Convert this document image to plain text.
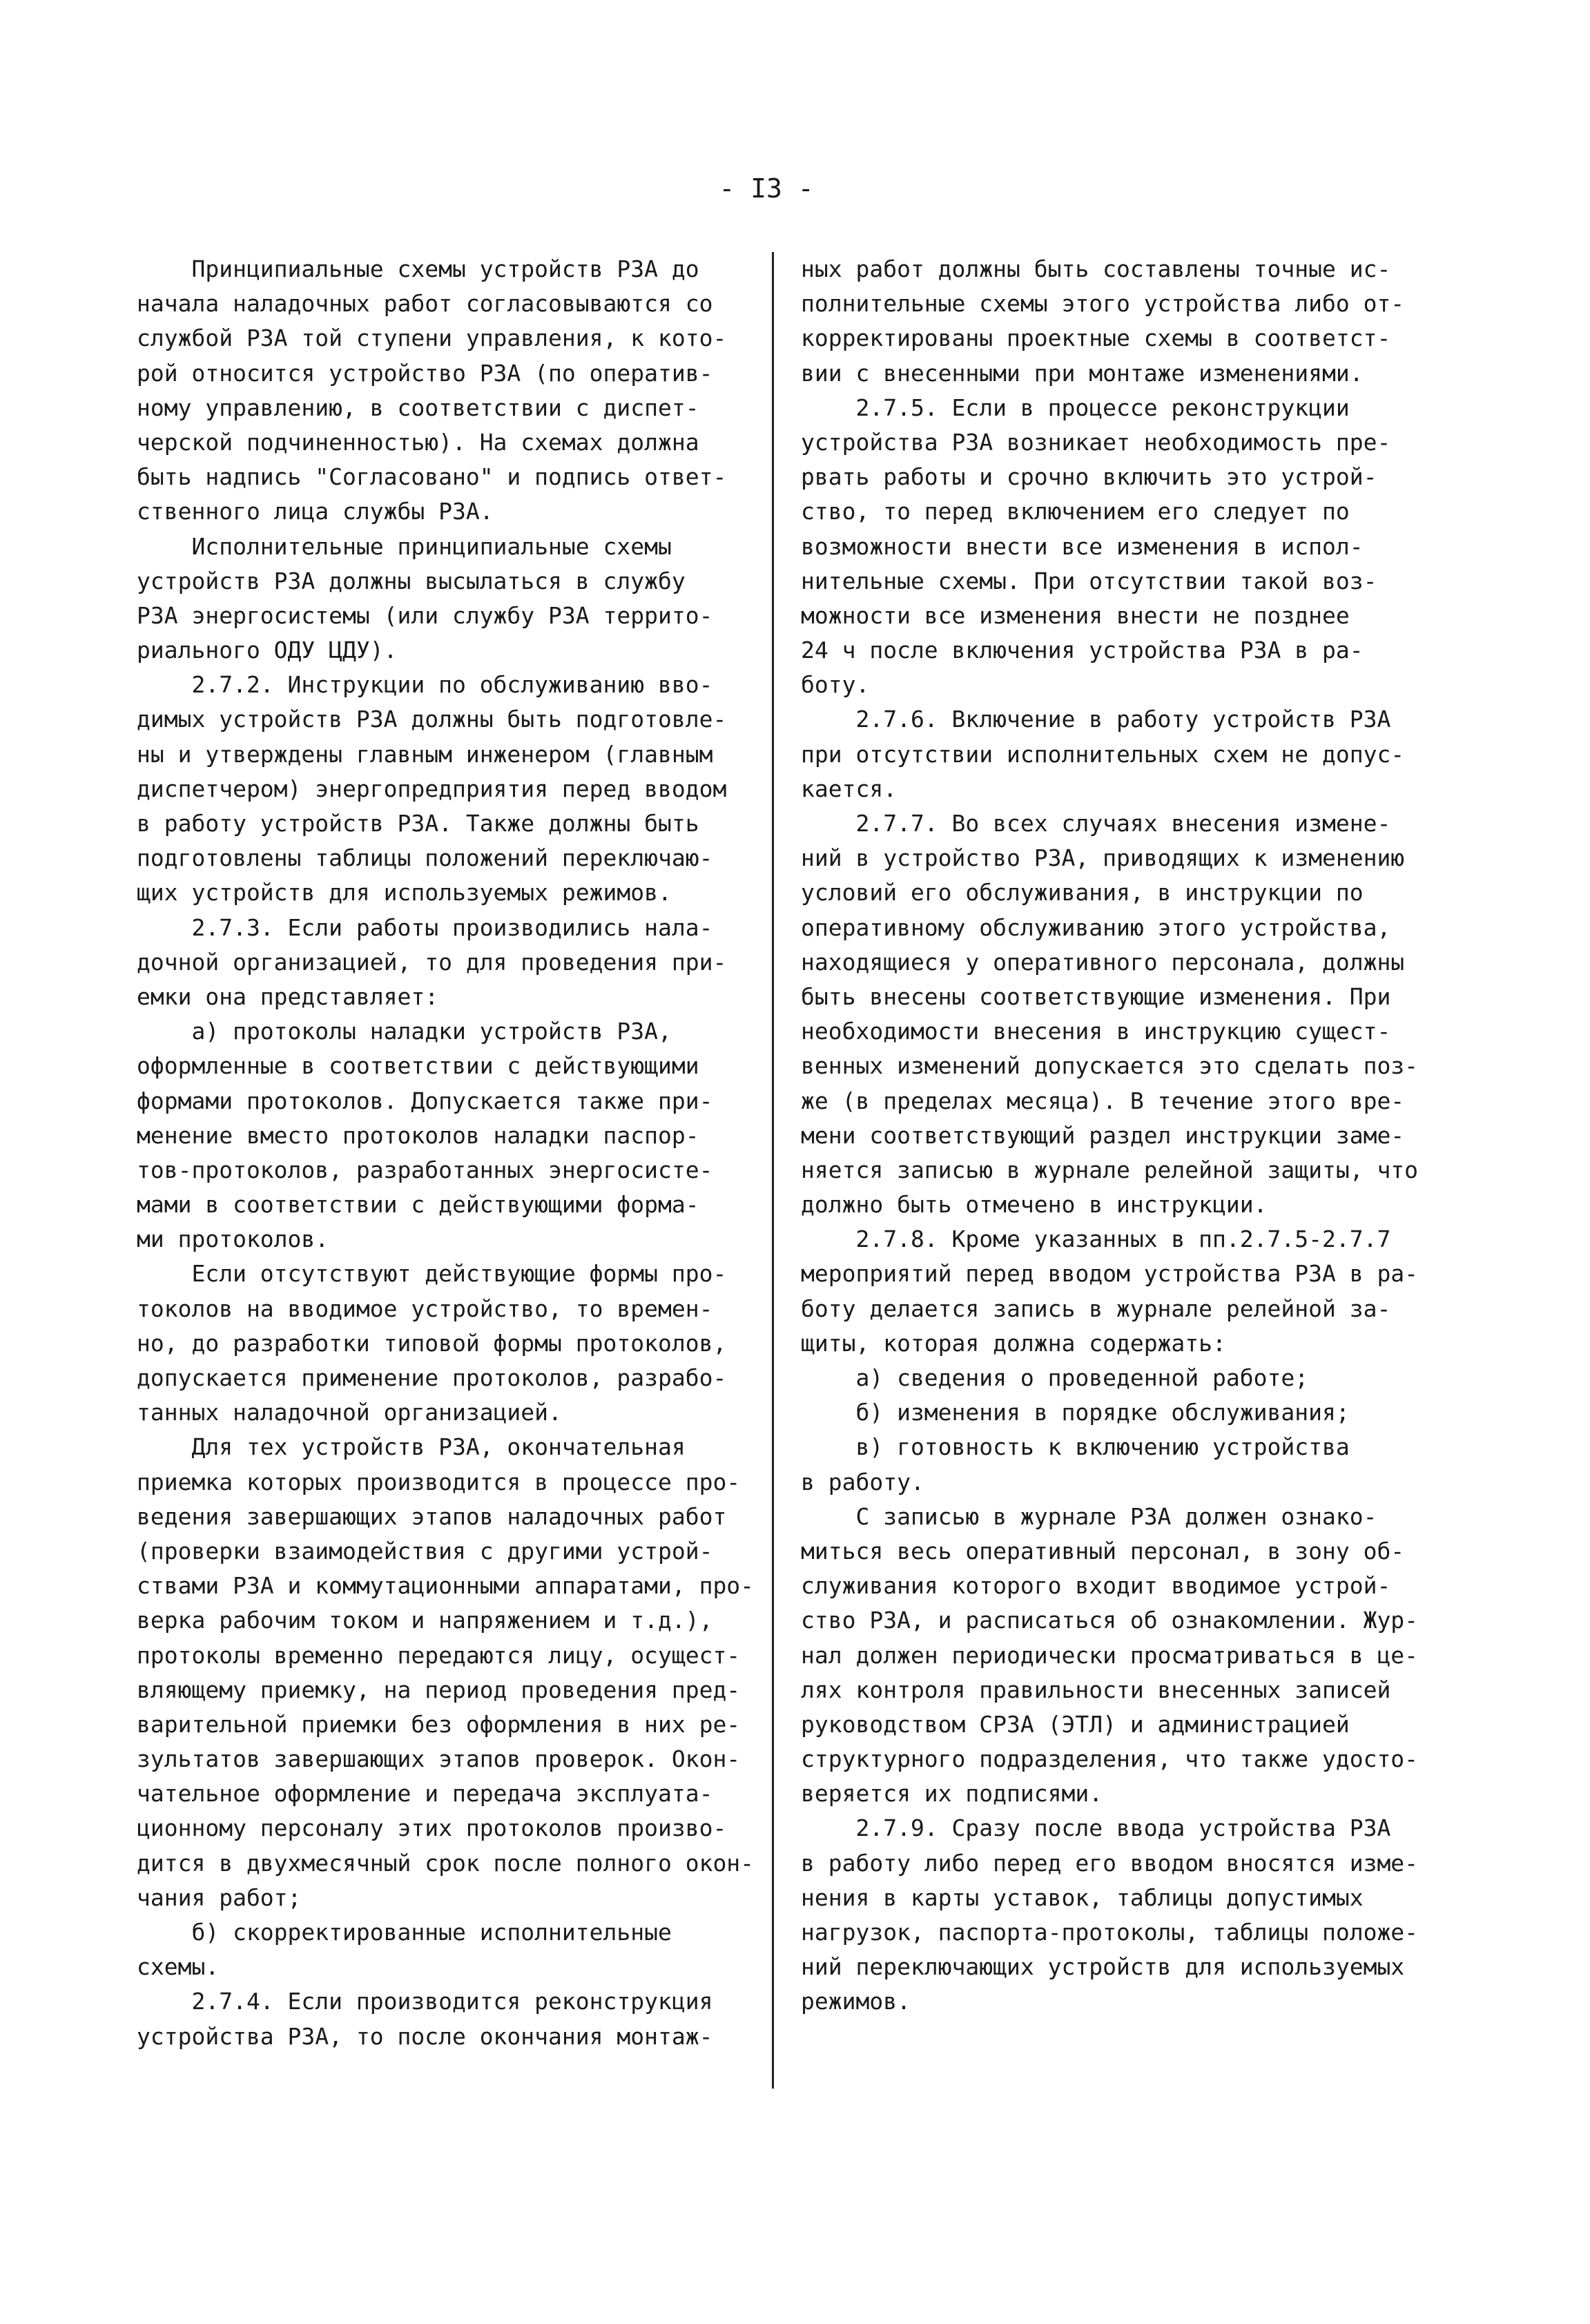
- I3 -
Принципиальные схемы устройств РЗА до
начала наладочных работ согласовываются со
службой РЗА той ступени управления, к кото-
рой относится устройство РЗА (по оператив-
ному управлению, в соответствии с диспет-
черской подчиненностью). На схемах должна
быть надпись "Согласовано" и подпись ответ-
ственного лица службы РЗА.
Исполнительные принципиальные схемы
устройств РЗА должны высылаться в службу
РЗА энергосистемы (или службу РЗА террито-
риального ОДУ ЦДУ).
2.7.2. Инструкции по обслуживанию вво-
димых устройств РЗА должны быть подготовле-
ны и утверждены главным инженером (главным
диспетчером) энергопредприятия перед вводом
в работу устройств РЗА. Также должны быть
подготовлены таблицы положений переключаю-
щих устройств для используемых режимов.
2.7.3. Если работы производились нала-
дочной организацией, то для проведения при-
емки она представляет:
а) протоколы наладки устройств РЗА,
оформленные в соответствии с действующими
формами протоколов. Допускается также при-
менение вместо протоколов наладки паспор-
тов-протоколов, разработанных энергосисте-
мами в соответствии с действующими форма-
ми протоколов.
Если отсутствуют действующие формы про-
токолов на вводимое устройство, то времен-
но, до разработки типовой формы протоколов,
допускается применение протоколов, разрабо-
танных наладочной организацией.
Для тех устройств РЗА, окончательная
приемка которых производится в процессе про-
ведения завершающих этапов наладочных работ
(проверки взаимодействия с другими устрой-
ствами РЗА и коммутационными аппаратами, про-
верка рабочим током и напряжением и т.д.),
протоколы временно передаются лицу, осущест-
вляющему приемку, на период проведения пред-
варительной приемки без оформления в них ре-
зультатов завершающих этапов проверок. Окон-
чательное оформление и передача эксплуата-
ционному персоналу этих протоколов произво-
дится в двухмесячный срок после полного окон-
чания работ;
б) скорректированные исполнительные
схемы.
2.7.4. Если производится реконструкция
устройства РЗА, то после окончания монтаж-
ных работ должны быть составлены точные ис-
полнительные схемы этого устройства либо от-
корректированы проектные схемы в соответст-
вии с внесенными при монтаже изменениями.
2.7.5. Если в процессе реконструкции
устройства РЗА возникает необходимость пре-
рвать работы и срочно включить это устрой-
ство, то перед включением его следует по
возможности внести все изменения в испол-
нительные схемы. При отсутствии такой воз-
можности все изменения внести не позднее
24 ч после включения устройства РЗА в ра-
боту.
2.7.6. Включение в работу устройств РЗА
при отсутствии исполнительных схем не допус-
кается.
2.7.7. Во всех случаях внесения измене-
ний в устройство РЗА, приводящих к изменению
условий его обслуживания, в инструкции по
оперативному обслуживанию этого устройства,
находящиеся у оперативного персонала, должны
быть внесены соответствующие изменения. При
необходимости внесения в инструкцию сущест-
венных изменений допускается это сделать поз-
же (в пределах месяца). В течение этого вре-
мени соответствующий раздел инструкции заме-
няется записью в журнале релейной защиты, что
должно быть отмечено в инструкции.
2.7.8. Кроме указанных в пп.2.7.5-2.7.7
мероприятий перед вводом устройства РЗА в ра-
боту делается запись в журнале релейной за-
щиты, которая должна содержать:
а) сведения о проведенной работе;
б) изменения в порядке обслуживания;
в) готовность к включению устройства
в работу.
С записью в журнале РЗА должен ознако-
миться весь оперативный персонал, в зону об-
служивания которого входит вводимое устрой-
ство РЗА, и расписаться об ознакомлении. Жур-
нал должен периодически просматриваться в це-
лях контроля правильности внесенных записей
руководством СРЗА (ЭТЛ) и администрацией
структурного подразделения, что также удосто-
веряется их подписями.
2.7.9. Сразу после ввода устройства РЗА
в работу либо перед его вводом вносятся изме-
нения в карты уставок, таблицы допустимых
нагрузок, паспорта-протоколы, таблицы положе-
ний переключающих устройств для используемых
режимов.
